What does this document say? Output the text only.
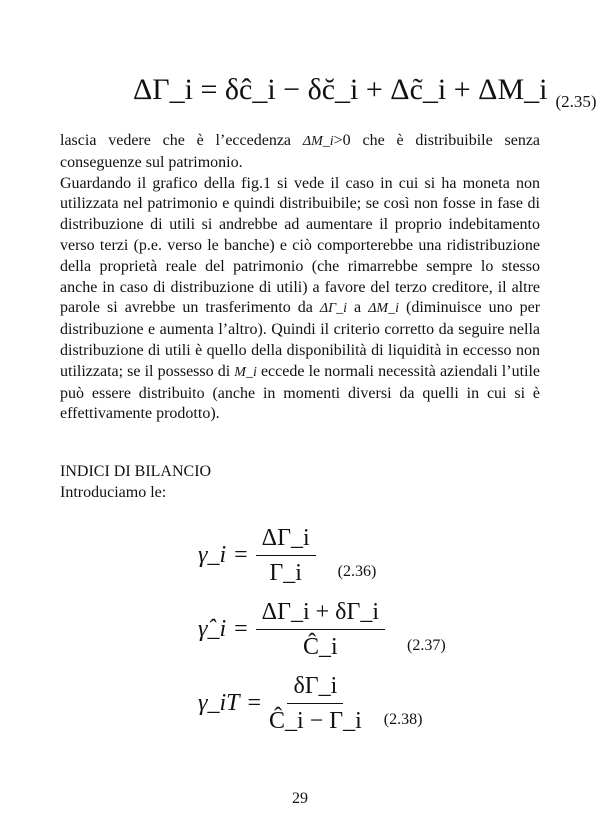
ΔΓ_i = δĉ_i − δc̆_i + Δc̃_i + ΔM_i $_{(2.35)}$

lascia vedere che è l’eccedenza ΔM_i>0 che è distribuibile senza conseguenze sul patrimonio.

Guardando il grafico della fig.1 si vede il caso in cui si ha moneta non utilizzata nel patrimonio e quindi distribuibile; se così non fosse in fase di distribuzione di utili si andrebbe ad aumentare il proprio indebitamento verso terzi (p.e. verso le banche) e ciò comporterebbe una ridistribuzione della proprietà reale del patrimonio (che rimarrebbe sempre lo stesso anche in caso di distribuzione di utili) a favore del terzo creditore, il altre parole si avrebbe un trasferimento da ΔΓ_i a ΔM_i (diminuisce uno per distribuzione e aumenta l’altro). Quindi il criterio corretto da seguire nella distribuzione di utili è quello della disponibilità di liquidità in eccesso non utilizzata; se il possesso di M_i eccede le normali necessità aziendali l’utile può essere distribuito (anche in momenti diversi da quelli in cui si è effettivamente prodotto).

INDICI DI BILANCIO
Introduciamo le:
γ_i = $\frac{\Delta\Gamma\_i}{\Gamma\_i} (2.36)$
γ̂_i = $\frac{\Delta\Gamma\_i + \delta\Gamma\_i}{Ĉ\_i} (2.37)$
γ_iT = $\frac{\delta\Gamma\_i}{Ĉ\_i - \Gamma\_i} (2.38)$
29
